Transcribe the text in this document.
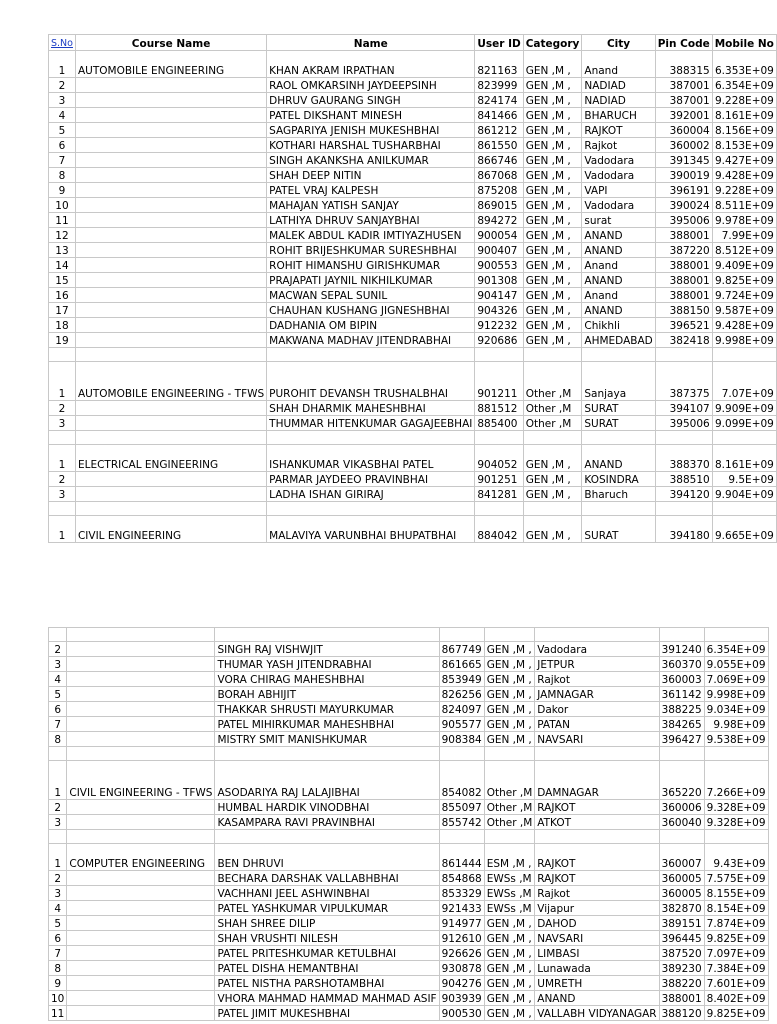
S.No	Course Name	Name	User ID	Category	City	Pin Code	Mobile No
1	AUTOMOBILE ENGINEERING	KHAN AKRAM IRPATHAN	821163	GEN ,M ,	Anand	388315	6.353E+09
2		RAOL OMKARSINH JAYDEEPSINH	823999	GEN ,M ,	NADIAD	387001	6.354E+09
3		DHRUV GAURANG SINGH	824174	GEN ,M ,	NADIAD	387001	9.228E+09
4		PATEL DIKSHANT MINESH	841466	GEN ,M ,	BHARUCH	392001	8.161E+09
5		SAGPARIYA JENISH MUKESHBHAI	861212	GEN ,M ,	RAJKOT	360004	8.156E+09
6		KOTHARI HARSHAL TUSHARBHAI	861550	GEN ,M ,	Rajkot	360002	8.153E+09
7		SINGH AKANKSHA ANILKUMAR	866746	GEN ,M ,	Vadodara	391345	9.427E+09
8		SHAH DEEP NITIN	867068	GEN ,M ,	Vadodara	390019	9.428E+09
9		PATEL VRAJ KALPESH	875208	GEN ,M ,	VAPI	396191	9.228E+09
10		MAHAJAN YATISH SANJAY	869015	GEN ,M ,	Vadodara	390024	8.511E+09
11		LATHIYA DHRUV SANJAYBHAI	894272	GEN ,M ,	surat	395006	9.978E+09
12		MALEK ABDUL KADIR IMTIYAZHUSEN	900054	GEN ,M ,	ANAND	388001	7.99E+09
13		ROHIT BRIJESHKUMAR SURESHBHAI	900407	GEN ,M ,	ANAND	387220	8.512E+09
14		ROHIT HIMANSHU GIRISHKUMAR	900553	GEN ,M ,	Anand	388001	9.409E+09
15		PRAJAPATI JAYNIL NIKHILKUMAR	901308	GEN ,M ,	ANAND	388001	9.825E+09
16		MACWAN SEPAL SUNIL	904147	GEN ,M ,	Anand	388001	9.724E+09
17		CHAUHAN KUSHANG JIGNESHBHAI	904326	GEN ,M ,	ANAND	388150	9.587E+09
18		DADHANIA OM BIPIN	912232	GEN ,M ,	Chikhli	396521	9.428E+09
19		MAKWANA MADHAV JITENDRABHAI	920686	GEN ,M ,	AHMEDABAD	382418	9.998E+09

1	AUTOMOBILE ENGINEERING - TFWS	PUROHIT DEVANSH TRUSHALBHAI	901211	Other ,M	Sanjaya	387375	7.07E+09
2		SHAH DHARMIK MAHESHBHAI	881512	Other ,M	SURAT	394107	9.909E+09
3		THUMMAR HITENKUMAR GAGAJEEBHAI	885400	Other ,M	SURAT	395006	9.099E+09

1	ELECTRICAL ENGINEERING	ISHANKUMAR VIKASBHAI PATEL	904052	GEN ,M ,	ANAND	388370	8.161E+09
2		PARMAR JAYDEEO PRAVINBHAI	901251	GEN ,M ,	KOSINDRA	388510	9.5E+09
3		LADHA ISHAN GIRIRAJ	841281	GEN ,M ,	Bharuch	394120	9.904E+09

1	CIVIL ENGINEERING	MALAVIYA VARUNBHAI BHUPATBHAI	884042	GEN ,M ,	SURAT	394180	9.665E+09

2		SINGH RAJ VISHWJIT	867749	GEN ,M ,	Vadodara	391240	6.354E+09
3		THUMAR YASH JITENDRABHAI	861665	GEN ,M ,	JETPUR	360370	9.055E+09
4		VORA CHIRAG MAHESHBHAI	853949	GEN ,M ,	Rajkot	360003	7.069E+09
5		BORAH ABHIJIT	826256	GEN ,M ,	JAMNAGAR	361142	9.998E+09
6		THAKKAR SHRUSTI MAYURKUMAR	824097	GEN ,M ,	Dakor	388225	9.034E+09
7		PATEL MIHIRKUMAR MAHESHBHAI	905577	GEN ,M ,	PATAN	384265	9.98E+09
8		MISTRY SMIT MANISHKUMAR	908384	GEN ,M ,	NAVSARI	396427	9.538E+09

1	CIVIL ENGINEERING - TFWS	ASODARIYA RAJ LALAJIBHAI	854082	Other ,M	DAMNAGAR	365220	7.266E+09
2		HUMBAL HARDIK VINODBHAI	855097	Other ,M	RAJKOT	360006	9.328E+09
3		KASAMPARA RAVI PRAVINBHAI	855742	Other ,M	ATKOT	360040	9.328E+09

1	COMPUTER ENGINEERING	BEN DHRUVI	861444	ESM ,M ,	RAJKOT	360007	9.43E+09
2		BECHARA DARSHAK VALLABHBHAI	854868	EWSs ,M	RAJKOT	360005	7.575E+09
3		VACHHANI JEEL ASHWINBHAI	853329	EWSs ,M	Rajkot	360005	8.155E+09
4		PATEL YASHKUMAR VIPULKUMAR	921433	EWSs ,M	Vijapur	382870	8.154E+09
5		SHAH SHREE DILIP	914977	GEN ,M ,	DAHOD	389151	7.874E+09
6		SHAH VRUSHTI NILESH	912610	GEN ,M ,	NAVSARI	396445	9.825E+09
7		PATEL PRITESHKUMAR KETULBHAI	926626	GEN ,M ,	LIMBASI	387520	7.097E+09
8		PATEL DISHA HEMANTBHAI	930878	GEN ,M ,	Lunawada	389230	7.384E+09
9		PATEL NISTHA PARSHOTAMBHAI	904276	GEN ,M ,	UMRETH	388220	7.601E+09
10		VHORA MAHMAD HAMMAD MAHMAD ASIF	903939	GEN ,M ,	ANAND	388001	8.402E+09
11		PATEL JIMIT MUKESHBHAI	900530	GEN ,M ,	VALLABH VIDYANAGAR	388120	9.825E+09
